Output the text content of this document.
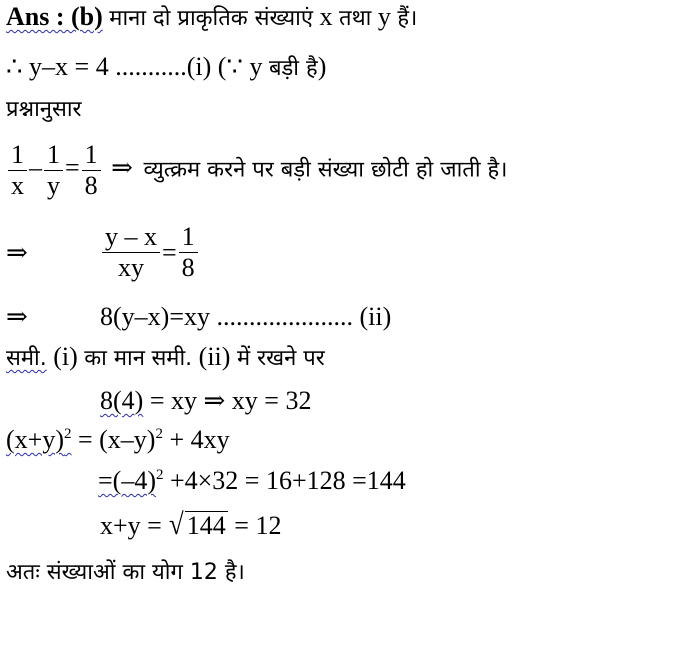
Ans : (b) माना दो प्राकृतिक संख्याएं x तथा y हैं।
∴ y–x = 4 ...........(i) (∵ y बड़ी है)
प्रश्नानुसार
$\frac{1}{x} - \frac{1}{y} = \frac{1}{8}$ ⇒ व्युत्क्रम करने पर बड़ी संख्या छोटी हो जाती है।
⇒	$\frac{y - x}{xy} = \frac{1}{8}$
⇒	8(y–x)=xy ..................... (ii)
समी. (i) का मान समी. (ii) में रखने पर
8(4) = xy ⇒ xy = 32
$(x+y)^2 = (x-y)^2 + 4xy$
$=(-4)^2 +4\times 32 = 16+128 =144$
x+y = √ 144 = 12
अतः संख्याओं का योग 12 है।
